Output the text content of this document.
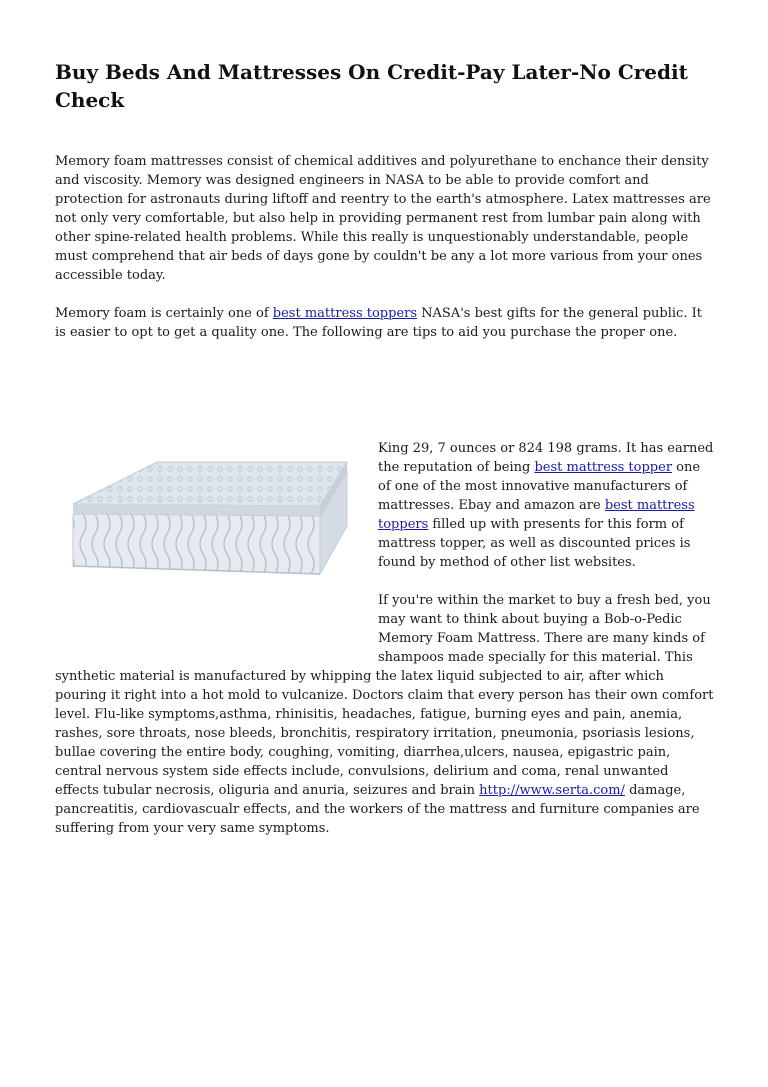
Buy Beds And Mattresses On Credit-Pay Later-No Credit Check

Memory foam mattresses consist of chemical additives and polyurethane to enchance their density and viscosity. Memory was designed engineers in NASA to be able to provide comfort and protection for astronauts during liftoff and reentry to the earth's atmosphere. Latex mattresses are not only very comfortable, but also help in providing permanent rest from lumbar pain along with other spine-related health problems. While this really is unquestionably understandable, people must comprehend that air beds of days gone by couldn't be any a lot more various from your ones accessible today.

Memory foam is certainly one of best mattress toppers NASA's best gifts for the general public. It is easier to opt to get a quality one. The following are tips to aid you purchase the proper one.

King 29, 7 ounces or 824 198 grams. It has earned the reputation of being best mattress topper one of one of the most innovative manufacturers of mattresses. Ebay and amazon are best mattress toppers filled up with presents for this form of mattress topper, as well as discounted prices is found by method of other list websites.

If you're within the market to buy a fresh bed, you may want to think about buying a Bob-o-Pedic Memory Foam Mattress. There are many kinds of shampoos made specially for this material. This synthetic material is manufactured by whipping the latex liquid subjected to air, after which pouring it right into a hot mold to vulcanize. Doctors claim that every person has their own comfort level. Flu-like symptoms,asthma, rhinisitis, headaches, fatigue, burning eyes and pain, anemia, rashes, sore throats, nose bleeds, bronchitis, respiratory irritation, pneumonia, psoriasis lesions, bullae covering the entire body, coughing, vomiting, diarrhea,ulcers, nausea, epigastric pain, central nervous system side effects include, convulsions, delirium and coma, renal unwanted effects tubular necrosis, oliguria and anuria, seizures and brain http://www.serta.com/ damage, pancreatitis, cardiovascualr effects, and the workers of the mattress and furniture companies are suffering from your very same symptoms.
